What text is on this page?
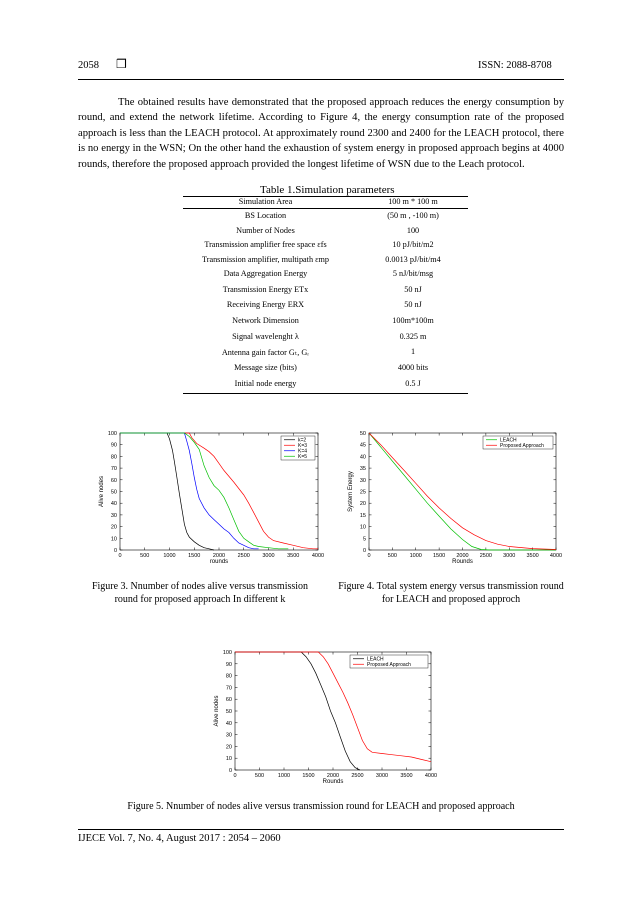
2058 ❒	ISSN: 2088-8708

The obtained results have demonstrated that the proposed approach reduces the energy consumption by round, and extend the network lifetime. According to Figure 4, the energy consumption rate of the proposed approach is less than the LEACH protocol. At approximately round 2300 and 2400 for the LEACH protocol, there is no energy in the WSN; On the other hand the exhaustion of system energy in proposed approach begins at 4000 rounds, therefore the proposed approach provided the longest lifetime of WSN due to the Leach protocol.

Table 1.Simulation parameters
Simulation Area	100 m * 100 m
BS Location	(50 m , -100 m)
Number of Nodes	100
Transmission amplifier free space εfs	10 pJ/bit/m2
Transmission amplifier, multipath εmp	0.0013 pJ/bit/m4
Data Aggregation Energy	5 nJ/bit/msg
Transmission Energy ETx	50 nJ
Receiving Energy ERX	50 nJ
Network Dimension	100m*100m
Signal wavelenght λ	0.325 m
Antenna gain factor Gₜ, Gᵣ	1
Message size (bits)	4000 bits
Initial node energy	0.5 J
0	500	1000 1500 2000 2500 3000 3500 4000
0
10
20
30
40
50
60
70
80
90
100
rounds
Alive nodes
k=2
K=3
K=4
K=5
0	500 1000 1500 2000 2500 3000 3500 4000
0
5
10
15
20
25
30
35
40
45
50
Rounds
System Energy
LEACH
Proposed Approach
Figure 3. Nnumber of nodes alive versus transmission round for proposed approach In different k
Figure 4. Total system energy versus transmission round for LEACH and proposed approch
0	500	1000 1500 2000 2500 3000 3500 4000
0
10
20
30
40
50
60
70
80
90
100
Rounds
Alive nodes
LEACH
Proposed Approach
Figure 5. Nnumber of nodes alive versus transmission round for LEACH and proposed approach
IJECE Vol. 7, No. 4, August 2017 : 2054 – 2060
